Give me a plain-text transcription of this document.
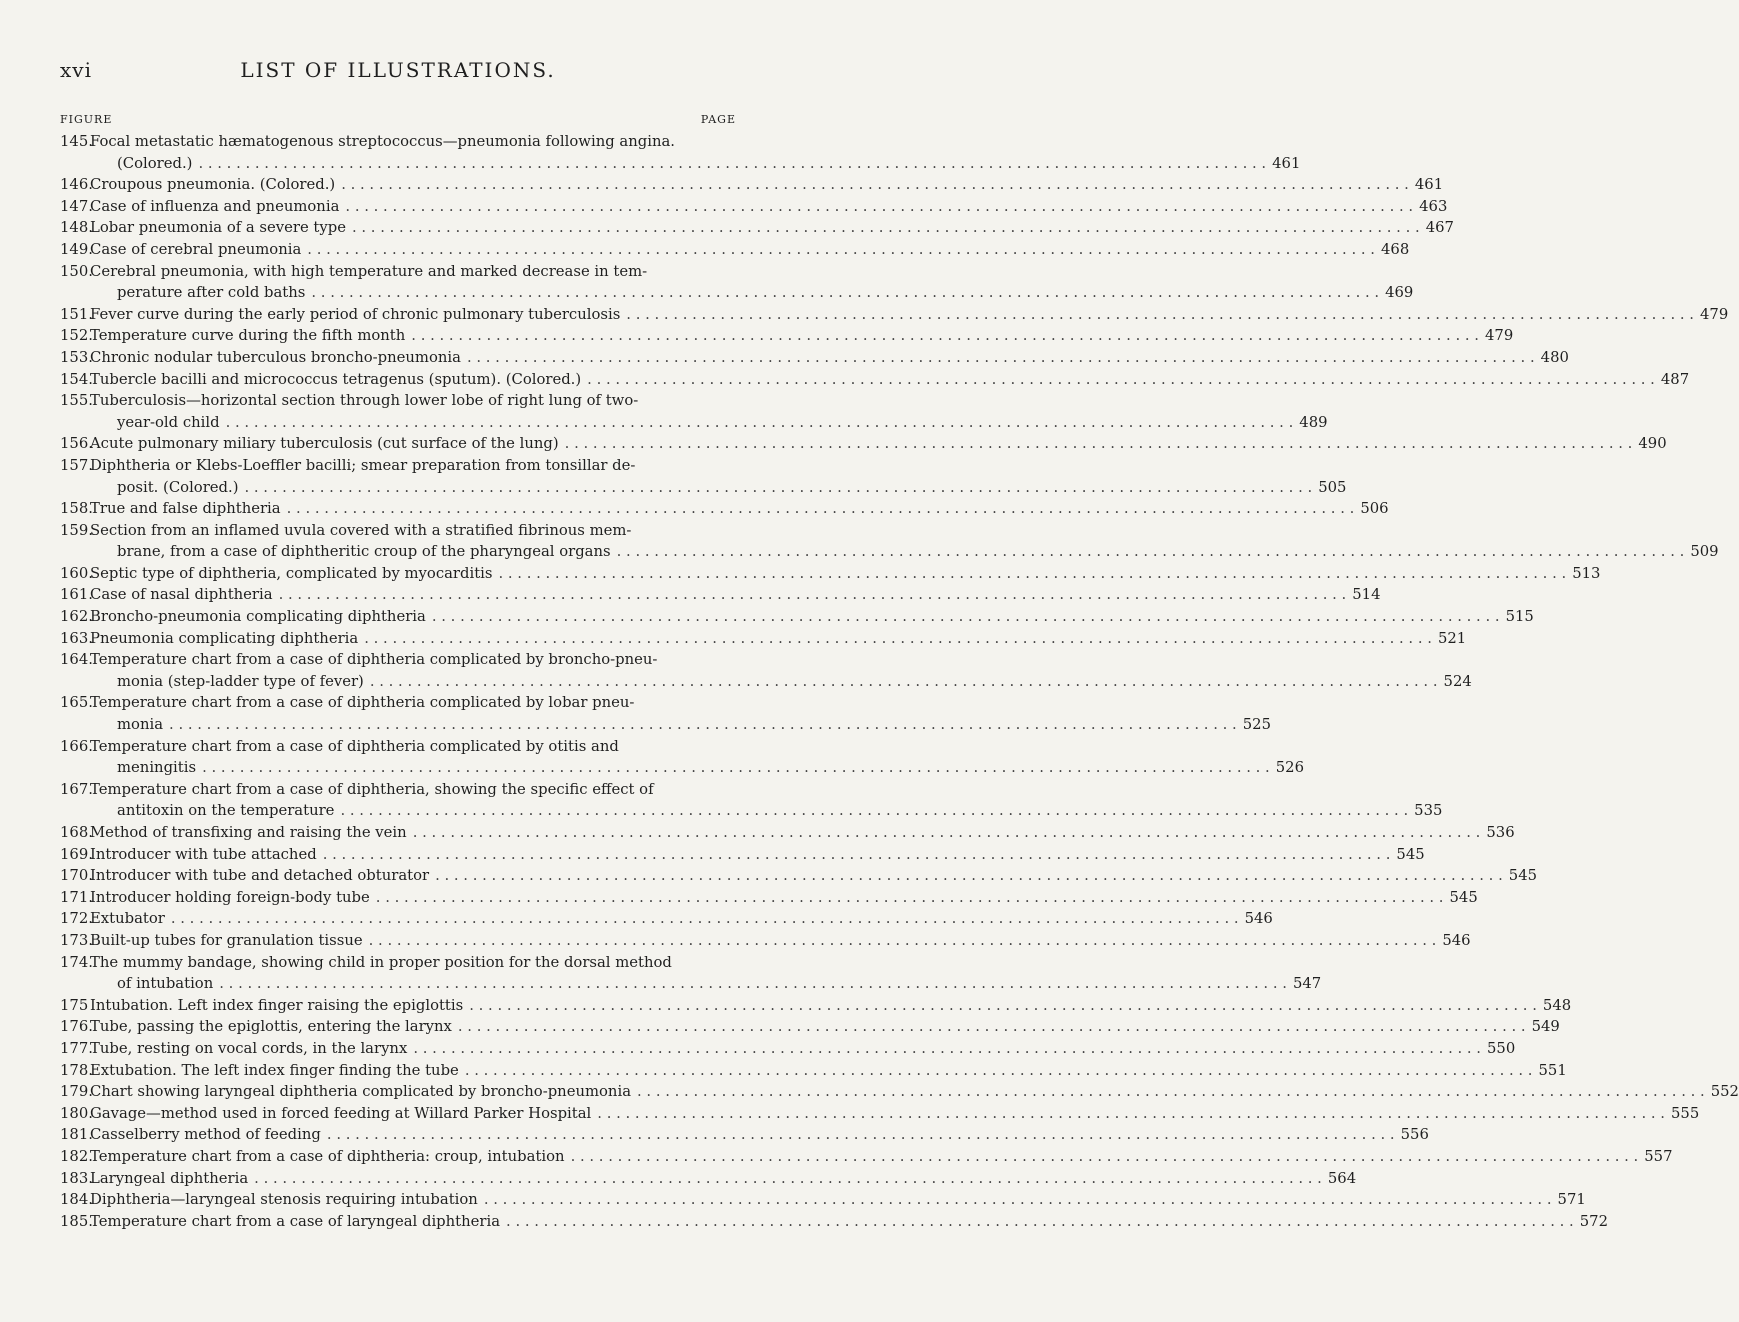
xvi	LIST OF ILLUSTRATIONS.
FIGURE	PAGE
145.
Focal metastatic hæmatogenous streptococcus—pneumonia following angina.
(Colored.) . . .	461
146.
Croupous pneumonia. (Colored.) . . .	461
147.
Case of influenza and pneumonia . . .	463
148.
Lobar pneumonia of a severe type . . .	467
149.
Case of cerebral pneumonia . . .	468
150.
Cerebral pneumonia, with high temperature and marked decrease in tem-
perature after cold baths . . .	469
151.
Fever curve during the early period of chronic pulmonary tuberculosis . . .	479
152.
Temperature curve during the fifth month . . .	479
153.
Chronic nodular tuberculous broncho-pneumonia . . .	480
154.
Tubercle bacilli and micrococcus tetragenus (sputum). (Colored.) . . .	487
155.
Tuberculosis—horizontal section through lower lobe of right lung of two-
year-old child . . .	489
156.
Acute pulmonary miliary tuberculosis (cut surface of the lung) . . .	490
157.
Diphtheria or Klebs-Loeffler bacilli; smear preparation from tonsillar de-
posit. (Colored.) . . .	505
158.
True and false diphtheria . . .	506
159.
Section from an inflamed uvula covered with a stratified fibrinous mem-
brane, from a case of diphtheritic croup of the pharyngeal organs . . .	509
160.
Septic type of diphtheria, complicated by myocarditis . . .	513
161.
Case of nasal diphtheria . . .	514
162.
Broncho-pneumonia complicating diphtheria . . .	515
163.
Pneumonia complicating diphtheria . . .	521
164.
Temperature chart from a case of diphtheria complicated by broncho-pneu-
monia (step-ladder type of fever) . . .	524
165.
Temperature chart from a case of diphtheria complicated by lobar pneu-
monia . . .	525
166.
Temperature chart from a case of diphtheria complicated by otitis and
meningitis . . .	526
167.
Temperature chart from a case of diphtheria, showing the specific effect of
antitoxin on the temperature . . .	535
168.
Method of transfixing and raising the vein . . .	536
169.
Introducer with tube attached . . .	545
170.
Introducer with tube and detached obturator . . .	545
171.
Introducer holding foreign-body tube . . .	545
172.
Extubator . . .	546
173.
Built-up tubes for granulation tissue . . .	546
174.
The mummy bandage, showing child in proper position for the dorsal method
of intubation . . .	547
175 Intubation. Left index finger raising the epiglottis . . .	548
176.
Tube, passing the epiglottis, entering the larynx . . .	549
177.
Tube, resting on vocal cords, in the larynx . . .	550
178.
Extubation. The left index finger finding the tube . . .	551
179.
Chart showing laryngeal diphtheria complicated by broncho-pneumonia . . .	552
180.
Gavage—method used in forced feeding at Willard Parker Hospital . . .	555
181.
Casselberry method of feeding . . .	556
182.
Temperature chart from a case of diphtheria: croup, intubation . . .	557
183.
Laryngeal diphtheria . . .	564
184.
Diphtheria—laryngeal stenosis requiring intubation . . .	571
185.
Temperature chart from a case of laryngeal diphtheria . . .	572
